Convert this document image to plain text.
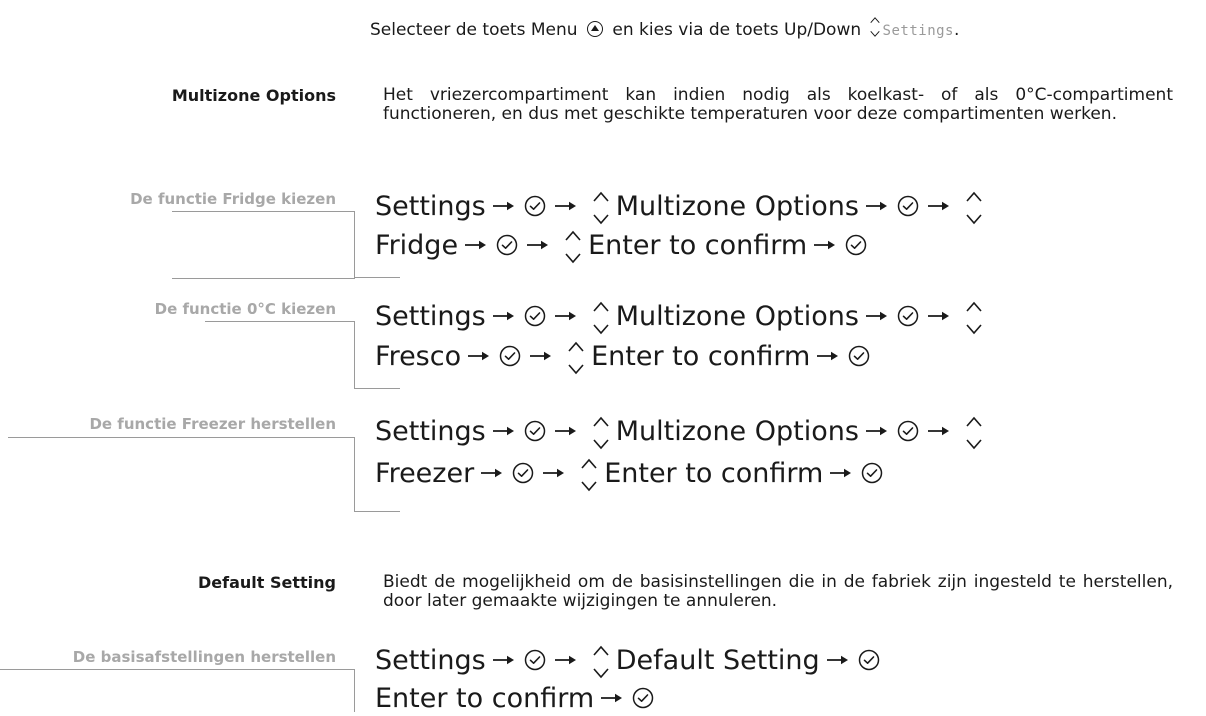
Selecteer de toets Menu en kies via de toets Up/Down Settings.
Multizone Options	Het vriezercompartiment kan indien nodig als koelkast- of als 0°C-compartiment functioneren, en dus met geschikte temperaturen voor deze compartimenten werken.
De functie Fridge kiezen Settings	Multizone Options
Fridge	Enter to confirm
De functie 0°C kiezen Settings	Multizone Options
Fresco	Enter to confirm
De functie Freezer herstellen Settings	Multizone Options
Freezer	Enter to confirm
Default Setting	Biedt de mogelijkheid om de basisinstellingen die in de fabriek zijn ingesteld te herstellen, door later gemaakte wijzigingen te annuleren.
De basisafstellingen herstellen Settings	Default Setting
Enter to confirm
